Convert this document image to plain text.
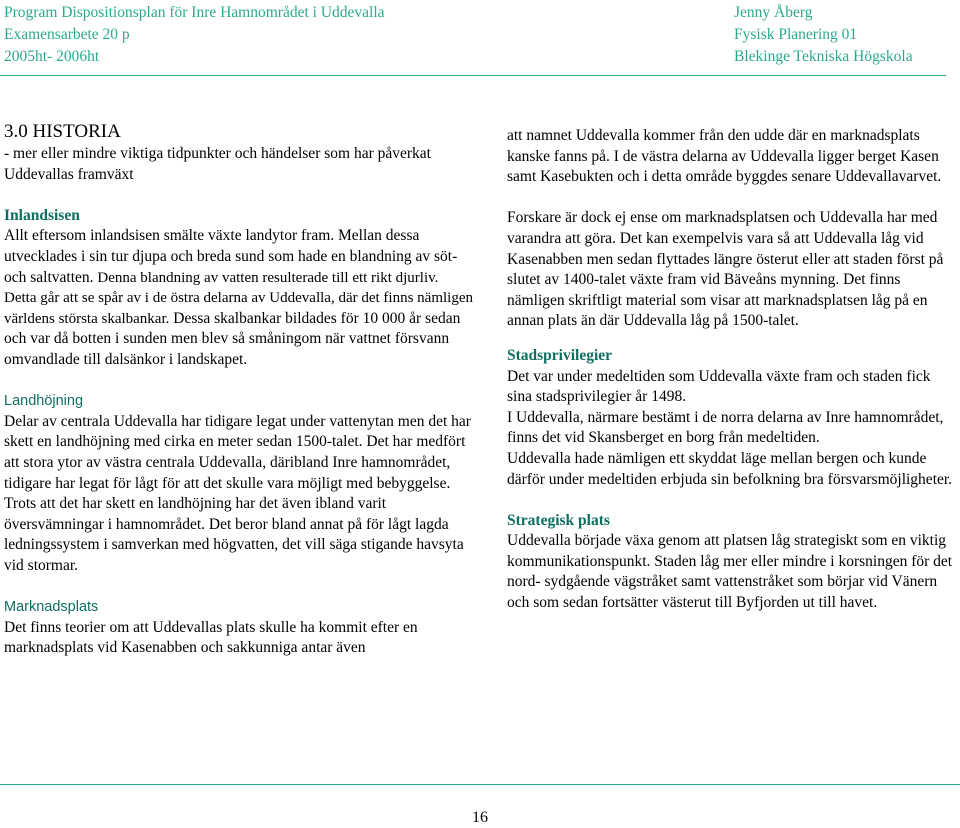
Program Dispositionsplan för Inre Hamnområdet i Uddevalla
Examensarbete 20 p
2005ht- 2006ht
Jenny Åberg
Fysisk Planering 01
Blekinge Tekniska Högskola

3.0 HISTORIA

- mer eller mindre viktiga tidpunkter och händelser som har påverkat Uddevallas framväxt

Inlandsisen

Allt eftersom inlandsisen smälte växte landytor fram. Mellan dessa utvecklades i sin tur djupa och breda sund som hade en blandning av söt- och saltvatten. Denna blandning av vatten resulterade till ett rikt djurliv. Detta går att se spår av i de östra delarna av Uddevalla, där det finns nämligen världens största skalbankar. Dessa skalbankar bildades för 10 000 år sedan och var då botten i sunden men blev så småningom när vattnet försvann omvandlade till dalsänkor i landskapet.

Landhöjning

Delar av centrala Uddevalla har tidigare legat under vattenytan men det har skett en landhöjning med cirka en meter sedan 1500-talet. Det har medfört att stora ytor av västra centrala Uddevalla, däribland Inre hamnområdet, tidigare har legat för lågt för att det skulle vara möjligt med bebyggelse. Trots att det har skett en landhöjning har det även ibland varit översvämningar i hamnområdet. Det beror bland annat på för lågt lagda ledningssystem i samverkan med högvatten, det vill säga stigande havsyta vid stormar.

Marknadsplats

Det finns teorier om att Uddevallas plats skulle ha kommit efter en marknadsplats vid Kasenabben och sakkunniga antar även

att namnet Uddevalla kommer från den udde där en marknadsplats kanske fanns på. I de västra delarna av Uddevalla ligger berget Kasen samt Kasebukten och i detta område byggdes senare Uddevallavarvet.

Forskare är dock ej ense om marknadsplatsen och Uddevalla har med varandra att göra. Det kan exempelvis vara så att Uddevalla låg vid Kasenabben men sedan flyttades längre österut eller att staden först på slutet av 1400-talet växte fram vid Bäveåns mynning. Det finns nämligen skriftligt material som visar att marknadsplatsen låg på en annan plats än där Uddevalla låg på 1500-talet.

Stadsprivilegier

Det var under medeltiden som Uddevalla växte fram och staden fick sina stadsprivilegier år 1498.

I Uddevalla, närmare bestämt i de norra delarna av Inre hamnområdet, finns det vid Skansberget en borg från medeltiden.

Uddevalla hade nämligen ett skyddat läge mellan bergen och kunde därför under medeltiden erbjuda sin befolkning bra försvarsmöjligheter.

Strategisk plats

Uddevalla började växa genom att platsen låg strategiskt som en viktig kommunikationspunkt. Staden låg mer eller mindre i korsningen för det nord- sydgående vägstråket samt vattenstråket som börjar vid Vänern och som sedan fortsätter västerut till Byfjorden ut till havet.

16
